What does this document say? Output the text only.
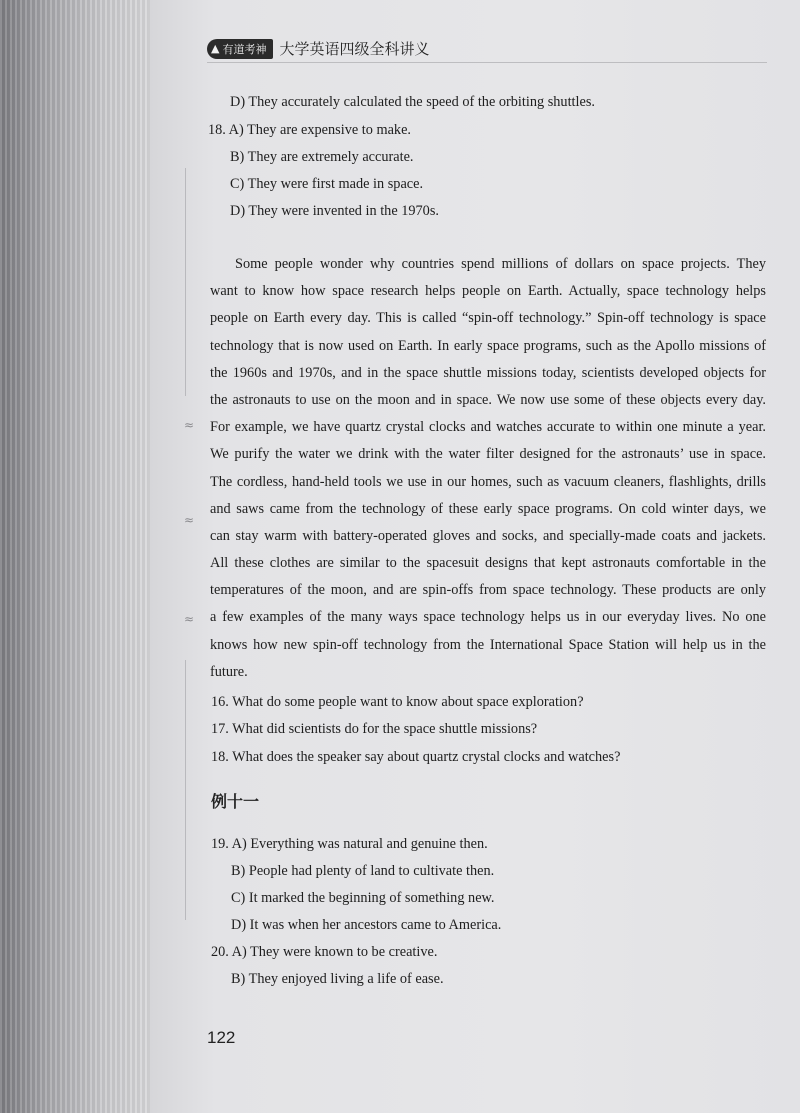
▲ 有道考神 大学英语四级全科讲义
≈
≈
≈
D) They accurately calculated the speed of the orbiting shuttles.
18. A) They are expensive to make.
B) They are extremely accurate.
C) They were first made in space.
D) They were invented in the 1970s.
Some people wonder why countries spend millions of dollars on space projects. They
want to know how space research helps people on Earth. Actually, space technology helps
people on Earth every day. This is called “spin-off technology.” Spin-off technology is space
technology that is now used on Earth. In early space programs, such as the Apollo missions of
the 1960s and 1970s, and in the space shuttle missions today, scientists developed objects for
the astronauts to use on the moon and in space. We now use some of these objects every day.
For example, we have quartz crystal clocks and watches accurate to within one minute a year.
We purify the water we drink with the water filter designed for the astronauts’ use in space.
The cordless, hand-held tools we use in our homes, such as vacuum cleaners, flashlights, drills
and saws came from the technology of these early space programs. On cold winter days, we
can stay warm with battery-operated gloves and socks, and specially-made coats and jackets.
All these clothes are similar to the spacesuit designs that kept astronauts comfortable in the
temperatures of the moon, and are spin-offs from space technology. These products are only
a few examples of the many ways space technology helps us in our everyday lives. No one
knows how new spin-off technology from the International Space Station will help us in the
future.
16. What do some people want to know about space exploration?
17. What did scientists do for the space shuttle missions?
18. What does the speaker say about quartz crystal clocks and watches?
例十一
19. A) Everything was natural and genuine then.
B) People had plenty of land to cultivate then.
C) It marked the beginning of something new.
D) It was when her ancestors came to America.
20. A) They were known to be creative.
B) They enjoyed living a life of ease.
122
